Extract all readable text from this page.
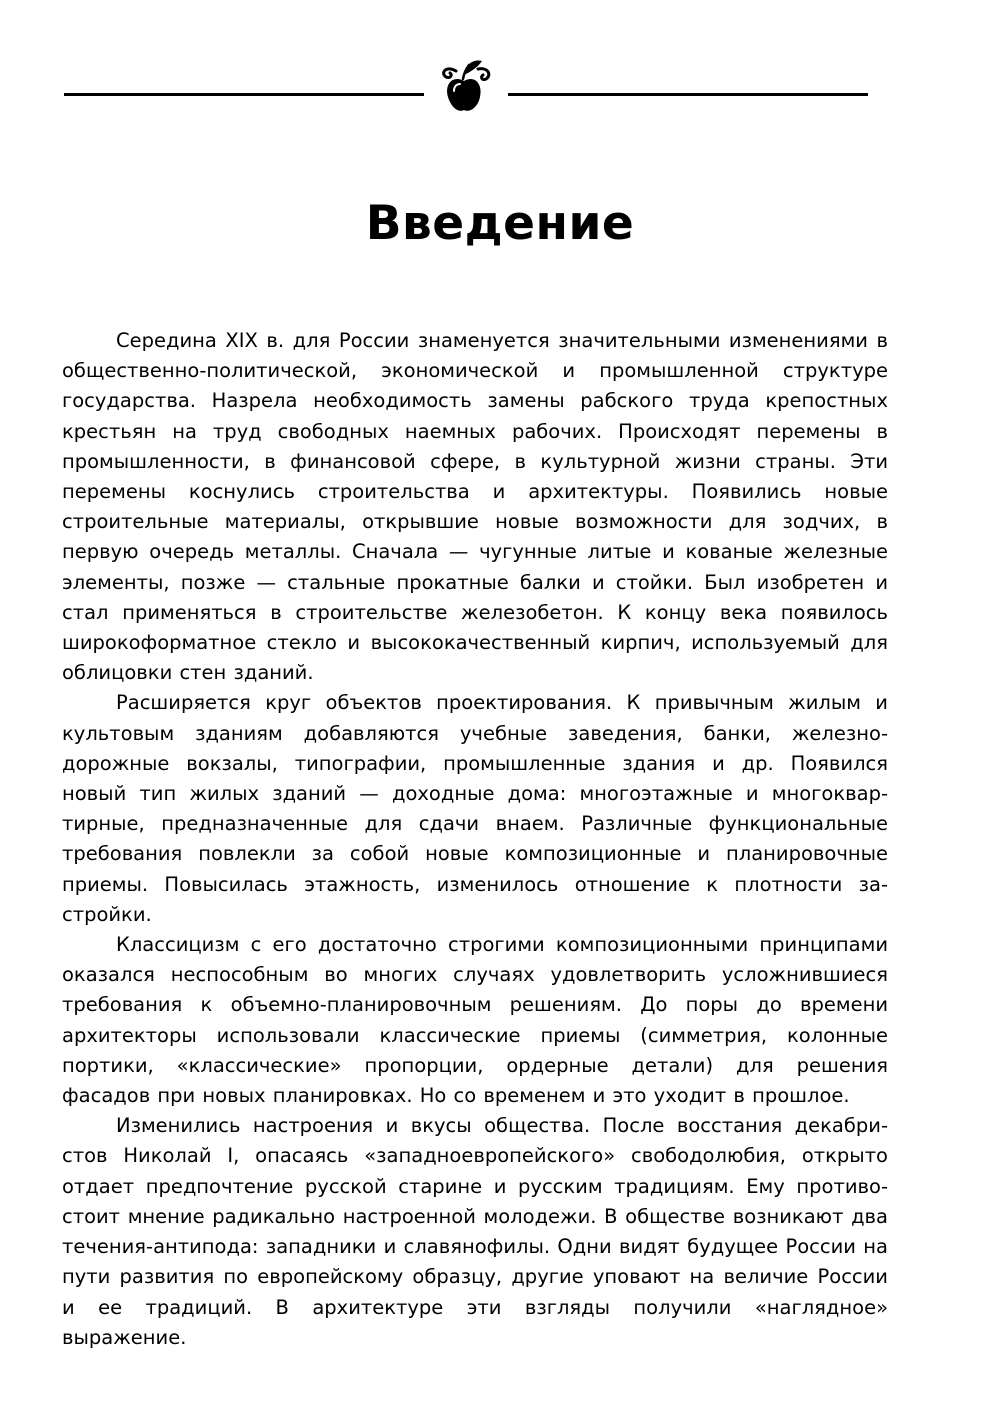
Введение

Середина XIX в. для России знаменуется значительными изменениями в общественно-политической, экономической и промышленной структуре государства. Назрела необходимость замены рабского труда крепостных крестьян на труд свободных наемных рабочих. Происходят перемены в промышленности, в финансовой сфере, в культурной жизни страны. Эти перемены коснулись строительства и архитектуры. Появились новые строительные материалы, открывшие новые возможности для зодчих, в первую очередь металлы. Сначала — чугунные литые и кованые железные элементы, позже — стальные прокатные балки и стойки. Был изобретен и стал применяться в строительстве железобетон. К концу века появилось широкоформатное стекло и высококачественный кирпич, используемый для облицовки стен зданий.

Расширяется круг объектов проектирования. К привычным жилым и культовым зданиям добавляются учебные заведения, банки, железнодорожные вокзалы, типографии, промышленные здания и др. Появился новый тип жилых зданий — доходные дома: многоэтажные и многоквартирные, предназначенные для сдачи внаем. Различные функциональные требования повлекли за собой новые композиционные и планировочные приемы. Повысилась этажность, изменилось отношение к плотности застройки.

Классицизм с его достаточно строгими композиционными принципами оказался неспособным во многих случаях удовлетворить усложнившиеся требования к объемно-планировочным решениям. До поры до времени архитекторы использовали классические приемы (симметрия, колонные портики, «классические» пропорции, ордерные детали) для решения фасадов при новых планировках. Но со временем и это уходит в прошлое.

Изменились настроения и вкусы общества. После восстания декабристов Николай I, опасаясь «западноевропейского» свободолюбия, открыто отдает предпочтение русской старине и русским традициям. Ему противостоит мнение радикально настроенной молодежи. В обществе возникают два течения-антипода: западники и славянофилы. Одни видят будущее России на пути развития по европейскому образцу, другие уповают на величие России и ее традиций. В архитектуре эти взгляды получили «наглядное» выражение.
